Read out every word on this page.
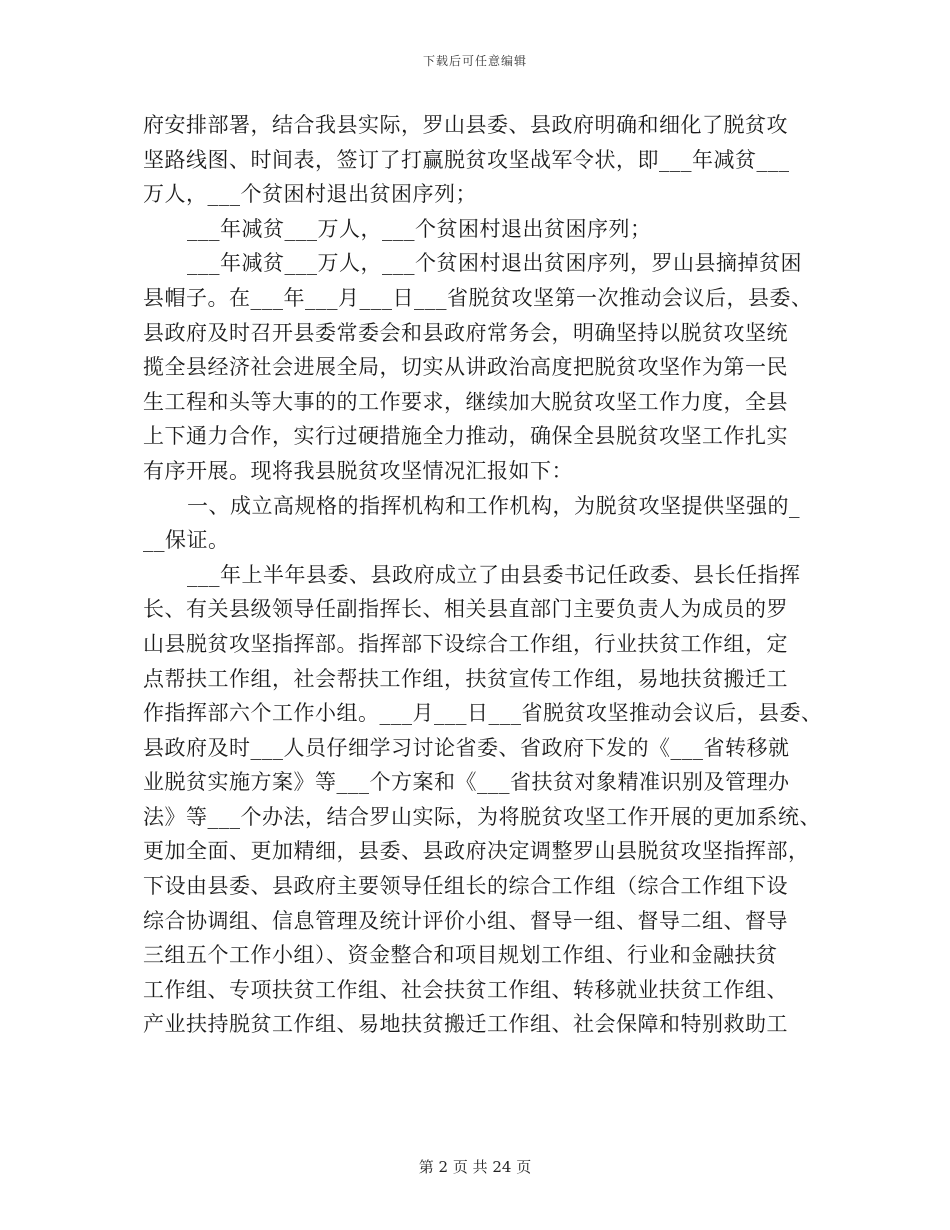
下载后可任意编辑
府安排部署，结合我县实际，罗山县委、县政府明确和细化了脱贫攻
坚路线图、时间表，签订了打赢脱贫攻坚战军令状，即___年减贫___
万人，___个贫困村退出贫困序列；
___年减贫___万人，___个贫困村退出贫困序列；
___年减贫___万人，___个贫困村退出贫困序列，罗山县摘掉贫困
县帽子。在___年___月___日___省脱贫攻坚第一次推动会议后，县委、
县政府及时召开县委常委会和县政府常务会，明确坚持以脱贫攻坚统
揽全县经济社会进展全局，切实从讲政治高度把脱贫攻坚作为第一民
生工程和头等大事的的工作要求，继续加大脱贫攻坚工作力度，全县
上下通力合作，实行过硬措施全力推动，确保全县脱贫攻坚工作扎实
有序开展。现将我县脱贫攻坚情况汇报如下：
一、成立高规格的指挥机构和工作机构，为脱贫攻坚提供坚强的_
__保证。
___年上半年县委、县政府成立了由县委书记任政委、县长任指挥
长、有关县级领导任副指挥长、相关县直部门主要负责人为成员的罗
山县脱贫攻坚指挥部。指挥部下设综合工作组，行业扶贫工作组，定
点帮扶工作组，社会帮扶工作组，扶贫宣传工作组，易地扶贫搬迁工
作指挥部六个工作小组。___月___日___省脱贫攻坚推动会议后，县委、
县政府及时___人员仔细学习讨论省委、省政府下发的《___省转移就
业脱贫实施方案》等___个方案和《___省扶贫对象精准识别及管理办
法》等___个办法，结合罗山实际，为将脱贫攻坚工作开展的更加系统、
更加全面、更加精细，县委、县政府决定调整罗山县脱贫攻坚指挥部，
下设由县委、县政府主要领导任组长的综合工作组（综合工作组下设
综合协调组、信息管理及统计评价小组、督导一组、督导二组、督导
三组五个工作小组）、资金整合和项目规划工作组、行业和金融扶贫
工作组、专项扶贫工作组、社会扶贫工作组、转移就业扶贫工作组、
产业扶持脱贫工作组、易地扶贫搬迁工作组、社会保障和特别救助工
第 2 页 共 24 页
